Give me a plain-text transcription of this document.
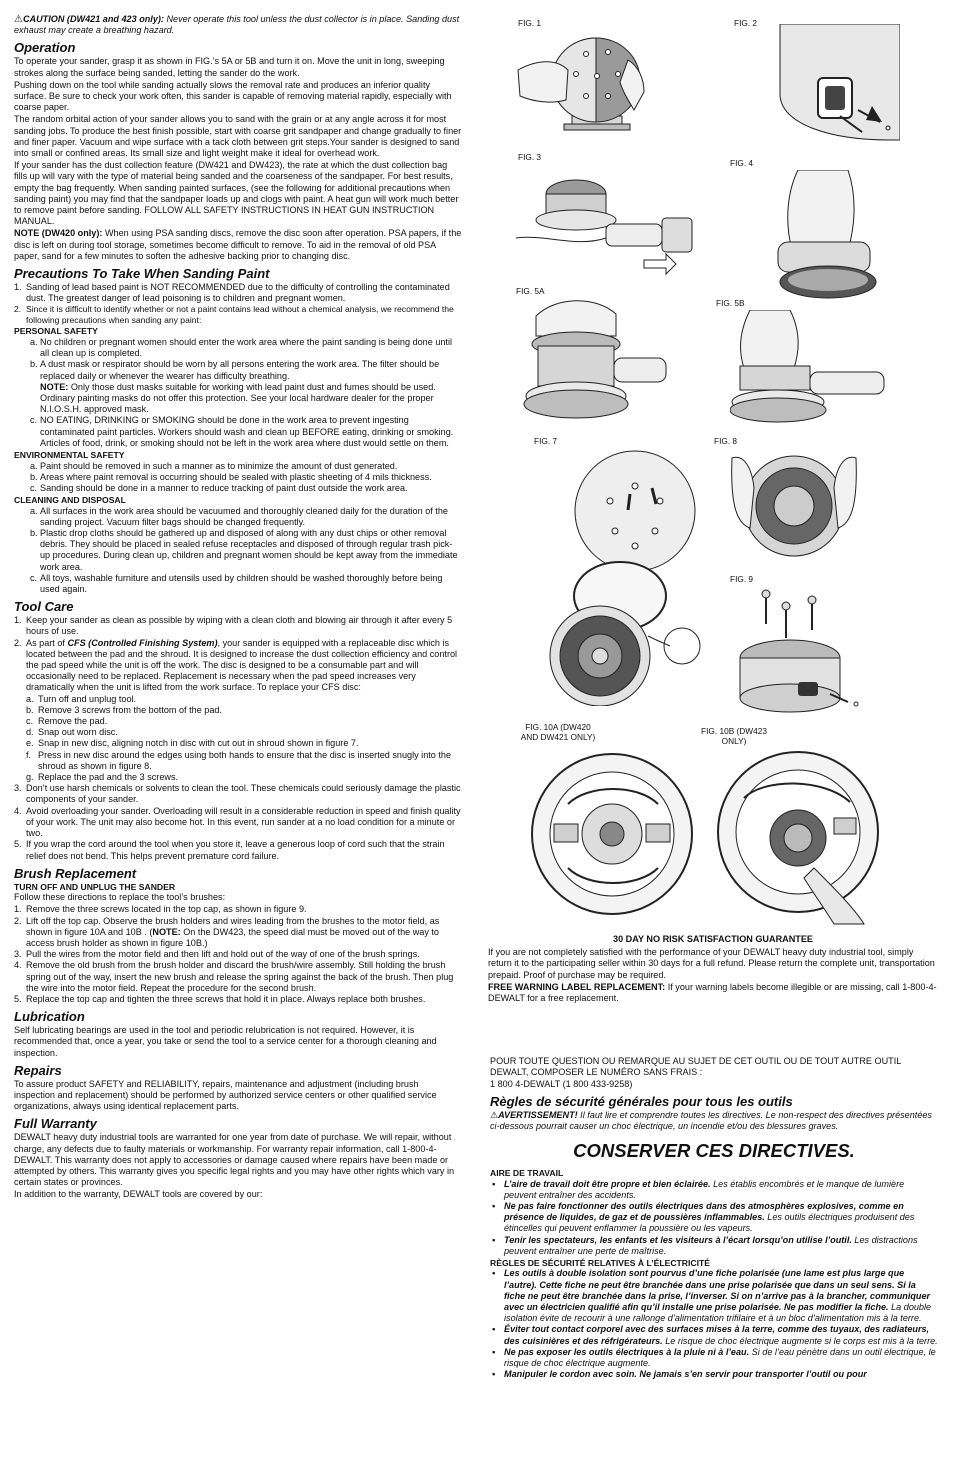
⚠CAUTION (DW421 and 423 only): Never operate this tool unless the dust collector is in place. Sanding dust exhaust may create a breathing hazard.

Operation

To operate your sander, grasp it as shown in FIG.’s 5A or 5B and turn it on. Move the unit in long, sweeping strokes along the surface being sanded, letting the sander do the work.

Pushing down on the tool while sanding actually slows the removal rate and produces an inferior quality surface. Be sure to check your work often, this sander is capable of removing material rapidly, especially with coarse paper.

The random orbital action of your sander allows you to sand with the grain or at any angle across it for most sanding jobs. To produce the best finish possible, start with coarse grit sandpaper and change gradually to finer and finer paper. Vacuum and wipe surface with a tack cloth between grit steps.Your sander is designed to sand into small or confined areas. Its small size and light weight make it ideal for overhead work.

If your sander has the dust collection feature (DW421 and DW423), the rate at which the dust collection bag fills up will vary with the type of material being sanded and the coarseness of the sandpaper. For best results, empty the bag frequently. When sanding painted surfaces, (see the following for additional precautions when sanding paint) you may find that the sandpaper loads up and clogs with paint. A heat gun will work much better to remove paint before sanding. FOLLOW ALL SAFETY INSTRUCTIONS IN HEAT GUN INSTRUCTION MANUAL.

NOTE (DW420 only): When using PSA sanding discs, remove the disc soon after operation. PSA papers, if the disc is left on during tool storage, sometimes become difficult to remove. To aid in the removal of old PSA paper, sand for a few minutes to soften the adhesive backing prior to changing disc.

Precautions To Take When Sanding Paint
1. Sanding of lead based paint is NOT RECOMMENDED due to the difficulty of controlling the contaminated dust. The greatest danger of lead poisoning is to children and pregnant women.
2. Since it is difficult to identify whether or not a paint contains lead without a chemical analysis, we recommend the following precautions when sanding any paint:
PERSONAL SAFETY
a. No children or pregnant women should enter the work area where the paint sanding is being done until all clean up is completed.
b. A dust mask or respirator should be worn by all persons entering the work area. The filter should be replaced daily or whenever the wearer has difficulty breathing.
NOTE: Only those dust masks suitable for working with lead paint dust and fumes should be used. Ordinary painting masks do not offer this protection. See your local hardware dealer for the proper N.I.O.S.H. approved mask.
c. NO EATING, DRINKING or SMOKING should be done in the work area to prevent ingesting contaminated paint particles. Workers should wash and clean up BEFORE eating, drinking or smoking. Articles of food, drink, or smoking should not be left in the work area where dust would settle on them.
ENVIRONMENTAL SAFETY
a. Paint should be removed in such a manner as to minimize the amount of dust generated.
b. Areas where paint removal is occurring should be sealed with plastic sheeting of 4 mils thickness.
c. Sanding should be done in a manner to reduce tracking of paint dust outside the work area.
CLEANING AND DISPOSAL
a. All surfaces in the work area should be vacuumed and thoroughly cleaned daily for the duration of the sanding project. Vacuum filter bags should be changed frequently.
b. Plastic drop cloths should be gathered up and disposed of along with any dust chips or other removal debris. They should be placed in sealed refuse receptacles and disposed of through regular trash pick-up procedures. During clean up, children and pregnant women should be kept away from the immediate work area.
c. All toys, washable furniture and utensils used by children should be washed thoroughly before being used again.
Tool Care
1. Keep your sander as clean as possible by wiping with a clean cloth and blowing air through it after every 5 hours of use.
2. As part of CFS (Controlled Finishing System), your sander is equipped with a replaceable disc which is located between the pad and the shroud. It is designed to increase the dust collection efficiency and control the pad speed while the unit is off the work. The disc is designed to be a consumable part and will occasionally need to be replaced. Replacement is necessary when the pad speed increases very dramatically when the unit is lifted from the work surface. To replace your CFS disc:
a. Turn off and unplug tool.
b. Remove 3 screws from the bottom of the pad.
c. Remove the pad.
d. Snap out worn disc.
e. Snap in new disc, aligning notch in disc with cut out in shroud shown in figure 7.
f. Press in new disc around the edges using both hands to ensure that the disc is inserted snugly into the shroud as shown in figure 8.
g. Replace the pad and the 3 screws.
3. Don’t use harsh chemicals or solvents to clean the tool. These chemicals could seriously damage the plastic components of your sander.
4. Avoid overloading your sander. Overloading will result in a considerable reduction in speed and finish quality of your work. The unit may also become hot. In this event, run sander at a no load condition for a minute or two.
5. If you wrap the cord around the tool when you store it, leave a generous loop of cord such that the strain relief does not bend. This helps prevent premature cord failure.
Brush Replacement
TURN OFF AND UNPLUG THE SANDER

Follow these directions to replace the tool’s brushes:

1. Remove the three screws located in the top cap, as shown in figure 9.
2. Lift off the top cap. Observe the brush holders and wires leading from the brushes to the motor field, as shown in figure 10A and 10B . (NOTE: On the DW423, the speed dial must be moved out of the way to access brush holder as shown in figure 10B.)
3. Pull the wires from the motor field and then lift and hold out of the way of one of the brush springs.
4. Remove the old brush from the brush holder and discard the brush/wire assembly. Still holding the brush spring out of the way, insert the new brush and release the spring against the back of the brush. Then plug the wire into the motor field. Repeat the procedure for the second brush.
5. Replace the top cap and tighten the three screws that hold it in place. Always replace both brushes.
Lubrication

Self lubricating bearings are used in the tool and periodic relubrication is not required. However, it is recommended that, once a year, you take or send the tool to a service center for a thorough cleaning and inspection.

Repairs

To assure product SAFETY and RELIABILITY, repairs, maintenance and adjustment (including brush inspection and replacement) should be performed by authorized service centers or other qualified service organizations, always using identical replacement parts.

Full Warranty

DEWALT heavy duty industrial tools are warranted for one year from date of purchase. We will repair, without charge, any defects due to faulty materials or workmanship. For warranty repair information, call 1-800-4-DEWALT. This warranty does not apply to accessories or damage caused where repairs have been made or attempted by others. This warranty gives you specific legal rights and you may have other rights which vary in certain states or provinces.

In addition to the warranty, DEWALT tools are covered by our:

FIG. 1	FIG. 2
FIG. 3
FIG. 4
FIG. 5A
FIG. 5B
FIG. 7	FIG. 8
FIG. 9
FIG. 10A (DW420
AND DW421 ONLY)
FIG. 10B (DW423
ONLY)
30 DAY NO RISK SATISFACTION GUARANTEE

If you are not completely satisfied with the performance of your DEWALT heavy duty industrial tool, simply return it to the participating seller within 30 days for a full refund. Please return the complete unit, transportation prepaid. Proof of purchase may be required.

FREE WARNING LABEL REPLACEMENT: If your warning labels become illegible or are missing, call 1-800-4-DEWALT for a free replacement.

POUR TOUTE QUESTION OU REMARQUE AU SUJET DE CET OUTIL OU DE TOUT AUTRE OUTIL DEWALT, COMPOSER LE NUMÉRO SANS FRAIS :

1 800 4-DEWALT (1 800 433-9258)

Règles de sécurité générales pour tous les outils

⚠AVERTISSEMENT! Il faut lire et comprendre toutes les directives. Le non-respect des directives présentées ci-dessous pourrait causer un choc électrique, un incendie et/ou des blessures graves.

CONSERVER CES DIRECTIVES.
AIRE DE TRAVAIL
• L’aire de travail doit être propre et bien éclairée. Les établis encombrés et le manque de lumière peuvent entraîner des accidents.
• Ne pas faire fonctionner des outils électriques dans des atmosphères explosives, comme en présence de liquides, de gaz et de poussières inflammables. Les outils électriques produisent des étincelles qui peuvent enflammer la poussière ou les vapeurs.
• Tenir les spectateurs, les enfants et les visiteurs à l’écart lorsqu’on utilise l’outil. Les distractions peuvent entraîner une perte de maîtrise.
RÈGLES DE SÉCURITÉ RELATIVES À L’ÉLECTRICITÉ
• Les outils à double isolation sont pourvus d’une fiche polarisée (une lame est plus large que l’autre). Cette fiche ne peut être branchée dans une prise polarisée que dans un seul sens. Si la fiche ne peut être branchée dans la prise, l’inverser. Si on n’arrive pas à la brancher, communiquer avec un électricien qualifié afin qu’il installe une prise polarisée. Ne pas modifier la fiche. La double isolation évite de recourir à une rallonge d’alimentation trifilaire et à un bloc d’alimentation mis à la terre.
• Éviter tout contact corporel avec des surfaces mises à la terre, comme des tuyaux, des radiateurs, des cuisinières et des réfrigérateurs. Le risque de choc électrique augmente si le corps est mis à la terre.
• Ne pas exposer les outils électriques à la pluie ni à l’eau. Si de l’eau pénètre dans un outil électrique, le risque de choc électrique augmente.
• Manipuler le cordon avec soin. Ne jamais s’en servir pour transporter l’outil ou pour
